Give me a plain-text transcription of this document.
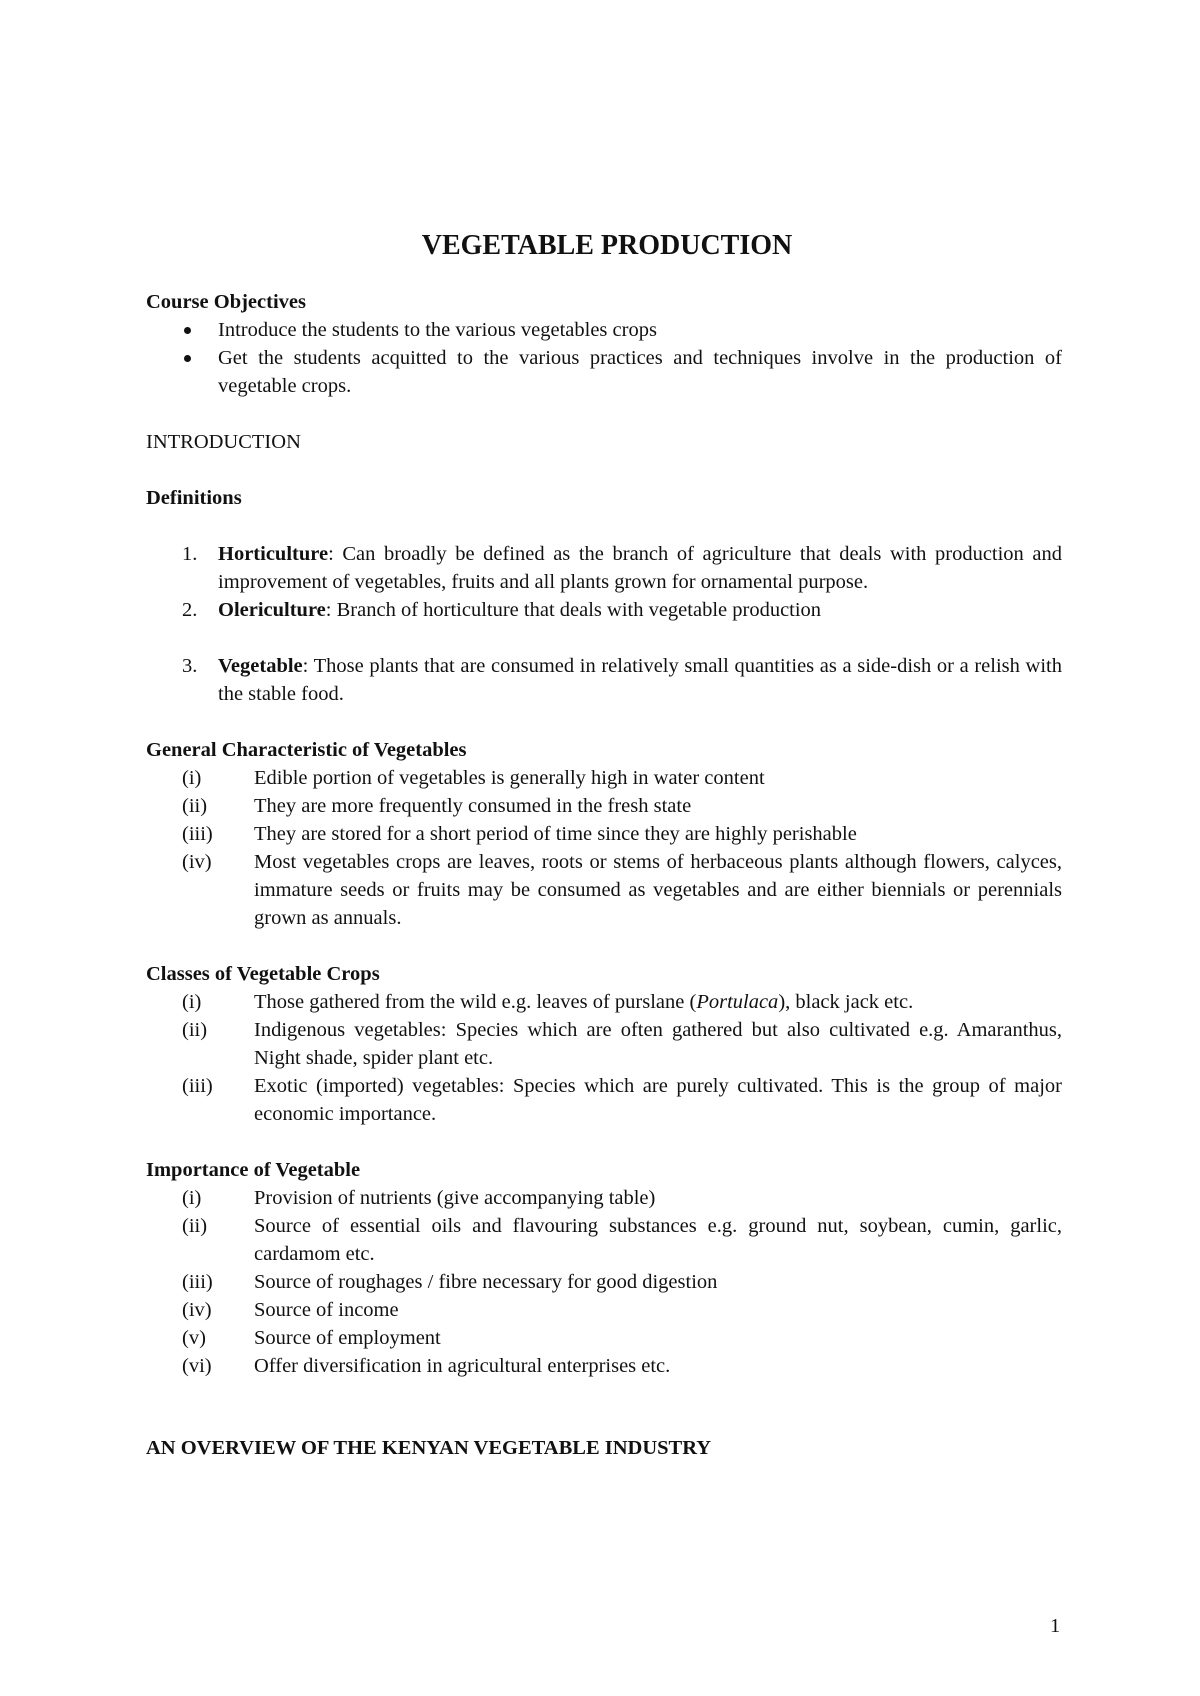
VEGETABLE PRODUCTION

Course Objectives

Introduce the students to the various vegetables crops
Get the students acquitted to the various practices and techniques involve in the production of vegetable crops.

INTRODUCTION

Definitions

1. Horticulture: Can broadly be defined as the branch of agriculture that deals with production and improvement of vegetables, fruits and all plants grown for ornamental purpose.
2. Olericulture: Branch of horticulture that deals with vegetable production
3. Vegetable: Those plants that are consumed in relatively small quantities as a side-dish or a relish with the stable food.

General Characteristic of Vegetables

(i)	Edible portion of vegetables is generally high in water content
(ii) They are more frequently consumed in the fresh state
(iii) They are stored for a short period of time since they are highly perishable
(iv) Most vegetables crops are leaves, roots or stems of herbaceous plants although flowers, calyces, immature seeds or fruits may be consumed as vegetables and are either biennials or perennials grown as annuals.

Classes of Vegetable Crops

(i)	Those gathered from the wild e.g. leaves of purslane (Portulaca), black jack etc.
(ii) Indigenous vegetables: Species which are often gathered but also cultivated e.g. Amaranthus, Night shade, spider plant etc.
(iii) Exotic (imported) vegetables: Species which are purely cultivated. This is the group of major economic importance.

Importance of Vegetable

(i)	Provision of nutrients (give accompanying table)
(ii) Source of essential oils and flavouring substances e.g. ground nut, soybean, cumin, garlic, cardamom etc.
(iii) Source of roughages / fibre necessary for good digestion
(iv) Source of income
(v) Source of employment
(vi) Offer diversification in agricultural enterprises etc.

AN OVERVIEW OF THE KENYAN VEGETABLE INDUSTRY

1
